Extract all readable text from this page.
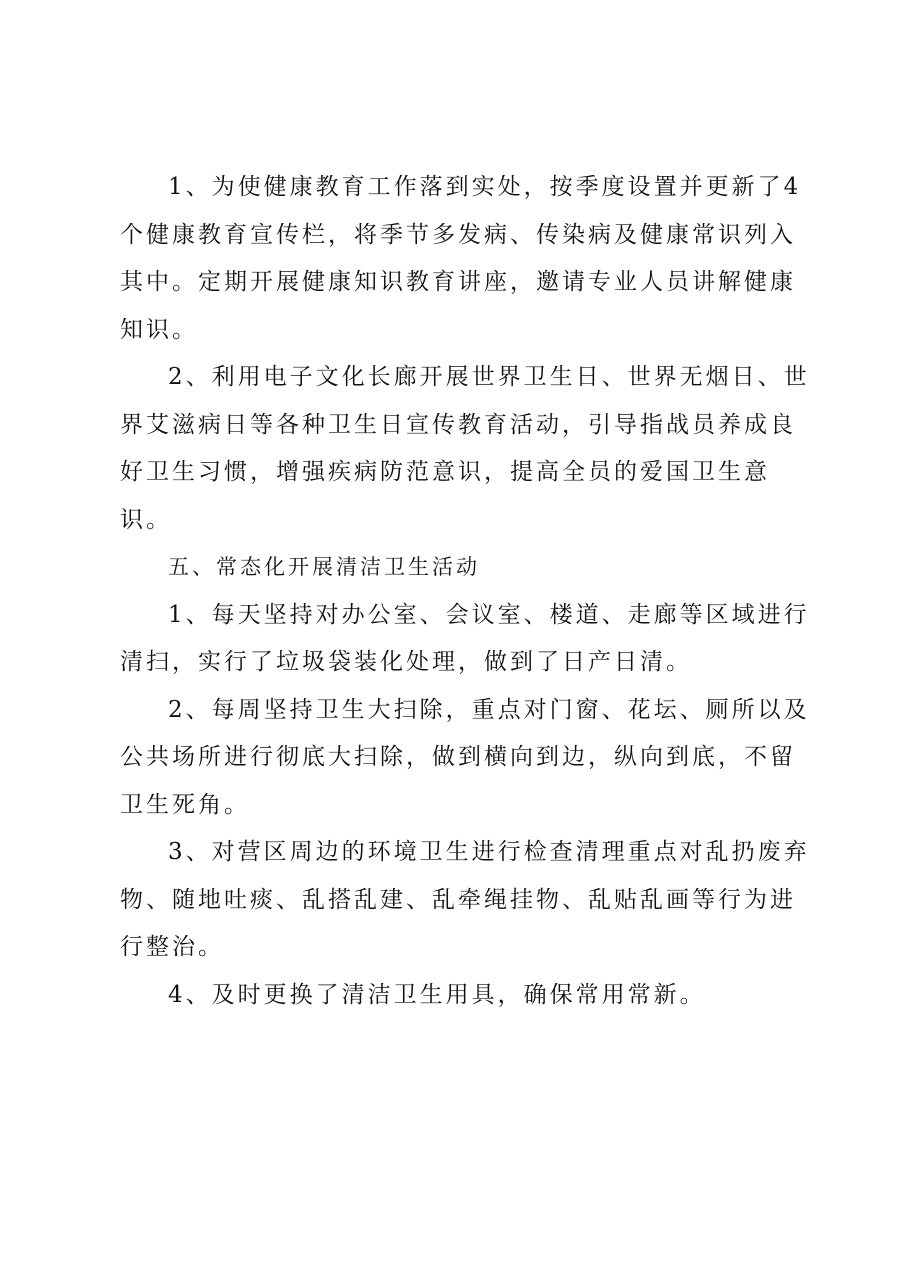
1、为使健康教育工作落到实处，按季度设置并更新了4个健康教育宣传栏，将季节多发病、传染病及健康常识列入其中。定期开展健康知识教育讲座，邀请专业人员讲解健康知识。

2、利用电子文化长廊开展世界卫生日、世界无烟日、世界艾滋病日等各种卫生日宣传教育活动，引导指战员养成良好卫生习惯，增强疾病防范意识，提高全员的爱国卫生意识。

五、常态化开展清洁卫生活动

1、每天坚持对办公室、会议室、楼道、走廊等区域进行清扫，实行了垃圾袋装化处理，做到了日产日清。

2、每周坚持卫生大扫除，重点对门窗、花坛、厕所以及公共场所进行彻底大扫除，做到横向到边，纵向到底，不留卫生死角。

3、对营区周边的环境卫生进行检查清理重点对乱扔废弃物、随地吐痰、乱搭乱建、乱牵绳挂物、乱贴乱画等行为进行整治。

4、及时更换了清洁卫生用具，确保常用常新。
